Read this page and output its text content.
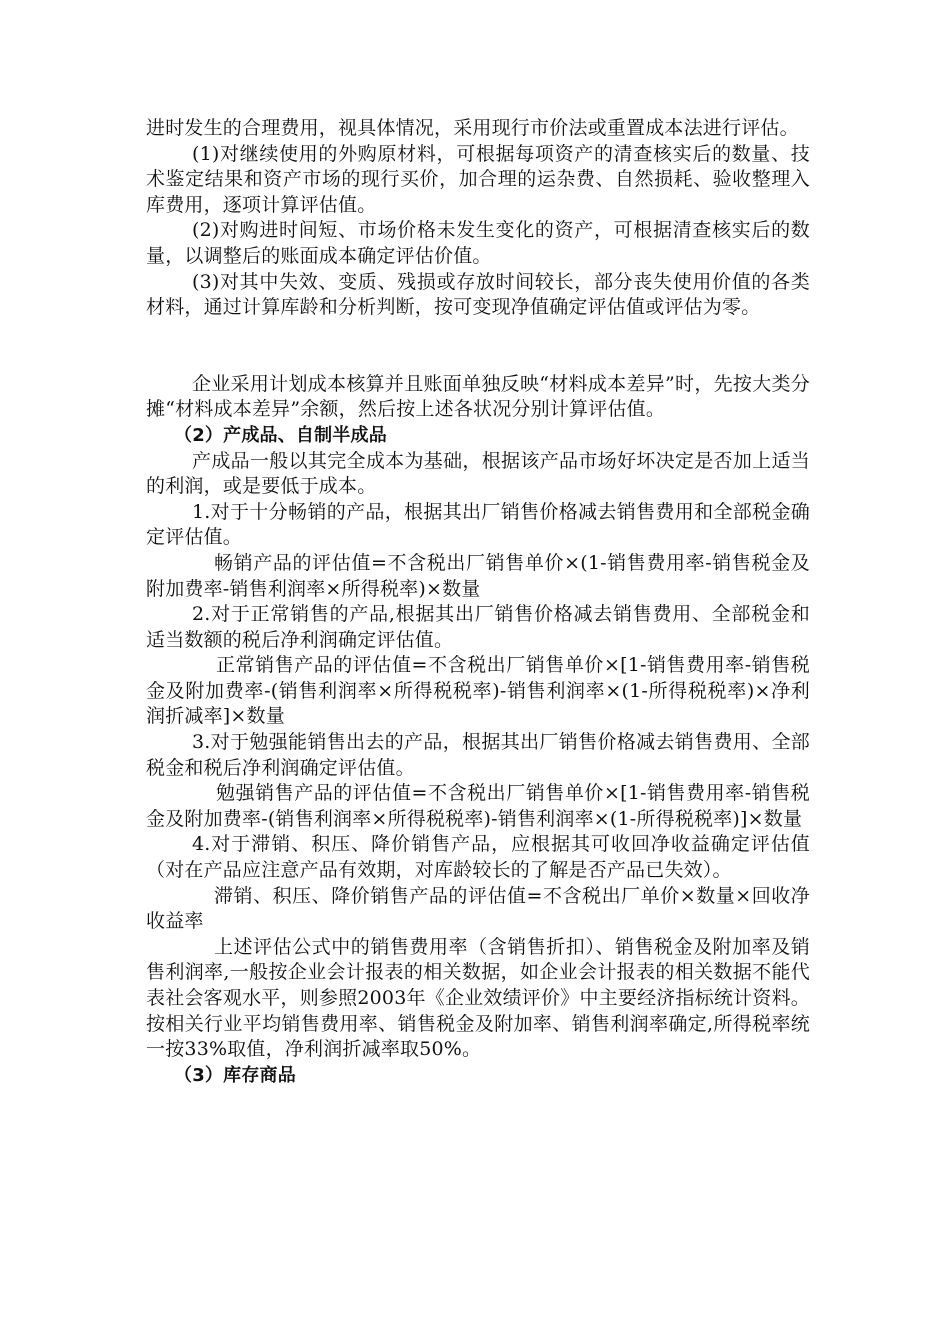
进时发生的合理费用，视具体情况，采用现行市价法或重置成本法进行评估。

(1)对继续使用的外购原材料，可根据每项资产的清查核实后的数量、技术鉴定结果和资产市场的现行买价，加合理的运杂费、自然损耗、验收整理入库费用，逐项计算评估值。

(2)对购进时间短、市场价格未发生变化的资产，可根据清查核实后的数量，以调整后的账面成本确定评估价值。

(3)对其中失效、变质、残损或存放时间较长，部分丧失使用价值的各类材料，通过计算库龄和分析判断，按可变现净值确定评估值或评估为零。

企业采用计划成本核算并且账面单独反映“材料成本差异”时，先按大类分摊“材料成本差异”余额，然后按上述各状况分别计算评估值。

（2）产成品、自制半成品

产成品一般以其完全成本为基础，根据该产品市场好坏决定是否加上适当的利润，或是要低于成本。

1.对于十分畅销的产品，根据其出厂销售价格减去销售费用和全部税金确定评估值。

畅销产品的评估值=不含税出厂销售单价×(1-销售费用率-销售税金及附加费率-销售利润率×所得税率)×数量

2.对于正常销售的产品,根据其出厂销售价格减去销售费用、全部税金和适当数额的税后净利润确定评估值。

正常销售产品的评估值=不含税出厂销售单价×[1-销售费用率-销售税金及附加费率-(销售利润率×所得税税率)-销售利润率×(1-所得税税率)×净利润折减率]×数量

3.对于勉强能销售出去的产品，根据其出厂销售价格减去销售费用、全部税金和税后净利润确定评估值。

勉强销售产品的评估值=不含税出厂销售单价×[1-销售费用率-销售税金及附加费率-(销售利润率×所得税税率)-销售利润率×(1-所得税税率)]×数量

4.对于滞销、积压、降价销售产品，应根据其可收回净收益确定评估值（对在产品应注意产品有效期，对库龄较长的了解是否产品已失效）。

滞销、积压、降价销售产品的评估值=不含税出厂单价×数量×回收净收益率

上述评估公式中的销售费用率（含销售折扣）、销售税金及附加率及销售利润率,一般按企业会计报表的相关数据，如企业会计报表的相关数据不能代表社会客观水平，则参照2003年《企业效绩评价》中主要经济指标统计资料。按相关行业平均销售费用率、销售税金及附加率、销售利润率确定,所得税率统一按33%取值，净利润折减率取50%。

（3）库存商品
